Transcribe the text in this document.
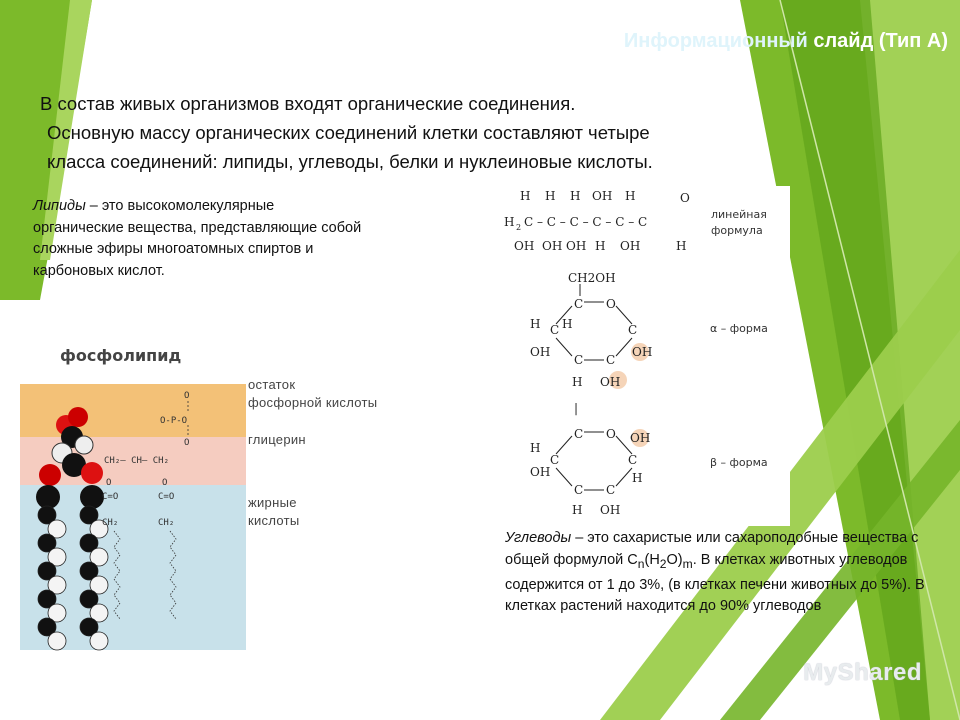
Информационный слайд (Тип А)
В состав живых организмов входят органические соединения.
Основную массу органических соединений клетки составляют четыре
класса соединений: липиды, углеводы, белки и нуклеиновые кислоты.
Липиды – это высокомолекулярные органические вещества, представляющие собой сложные эфиры многоатомных спиртов и карбоновых кислот.
O
O-P-O
O
CH₂— CH— CH₂
O	O
C=O	C=O
CH₂	CH₂
фосфолипид
остаток
фосфорной кислоты
глицерин
жирные
кислоты
H H H OH H	O
H 2 C – C – C – C – C – C
OH OH OH H OH	H
CH2OH
C O
C	C
C C
H
OH
H
OH
OH
H
|
C O
C	C
C C
H
OH
OH
H
OH
H
линейная
формула
α – форма
β – форма
Углеводы – это сахаристые или сахароподобные вещества с общей формулой $С_n(Н_2О)_m$. В клетках животных углеводов содержится от 1 до 3%, (в клетках печени животных до 5%). В клетках растений находится до 90% углеводов
MyShared
